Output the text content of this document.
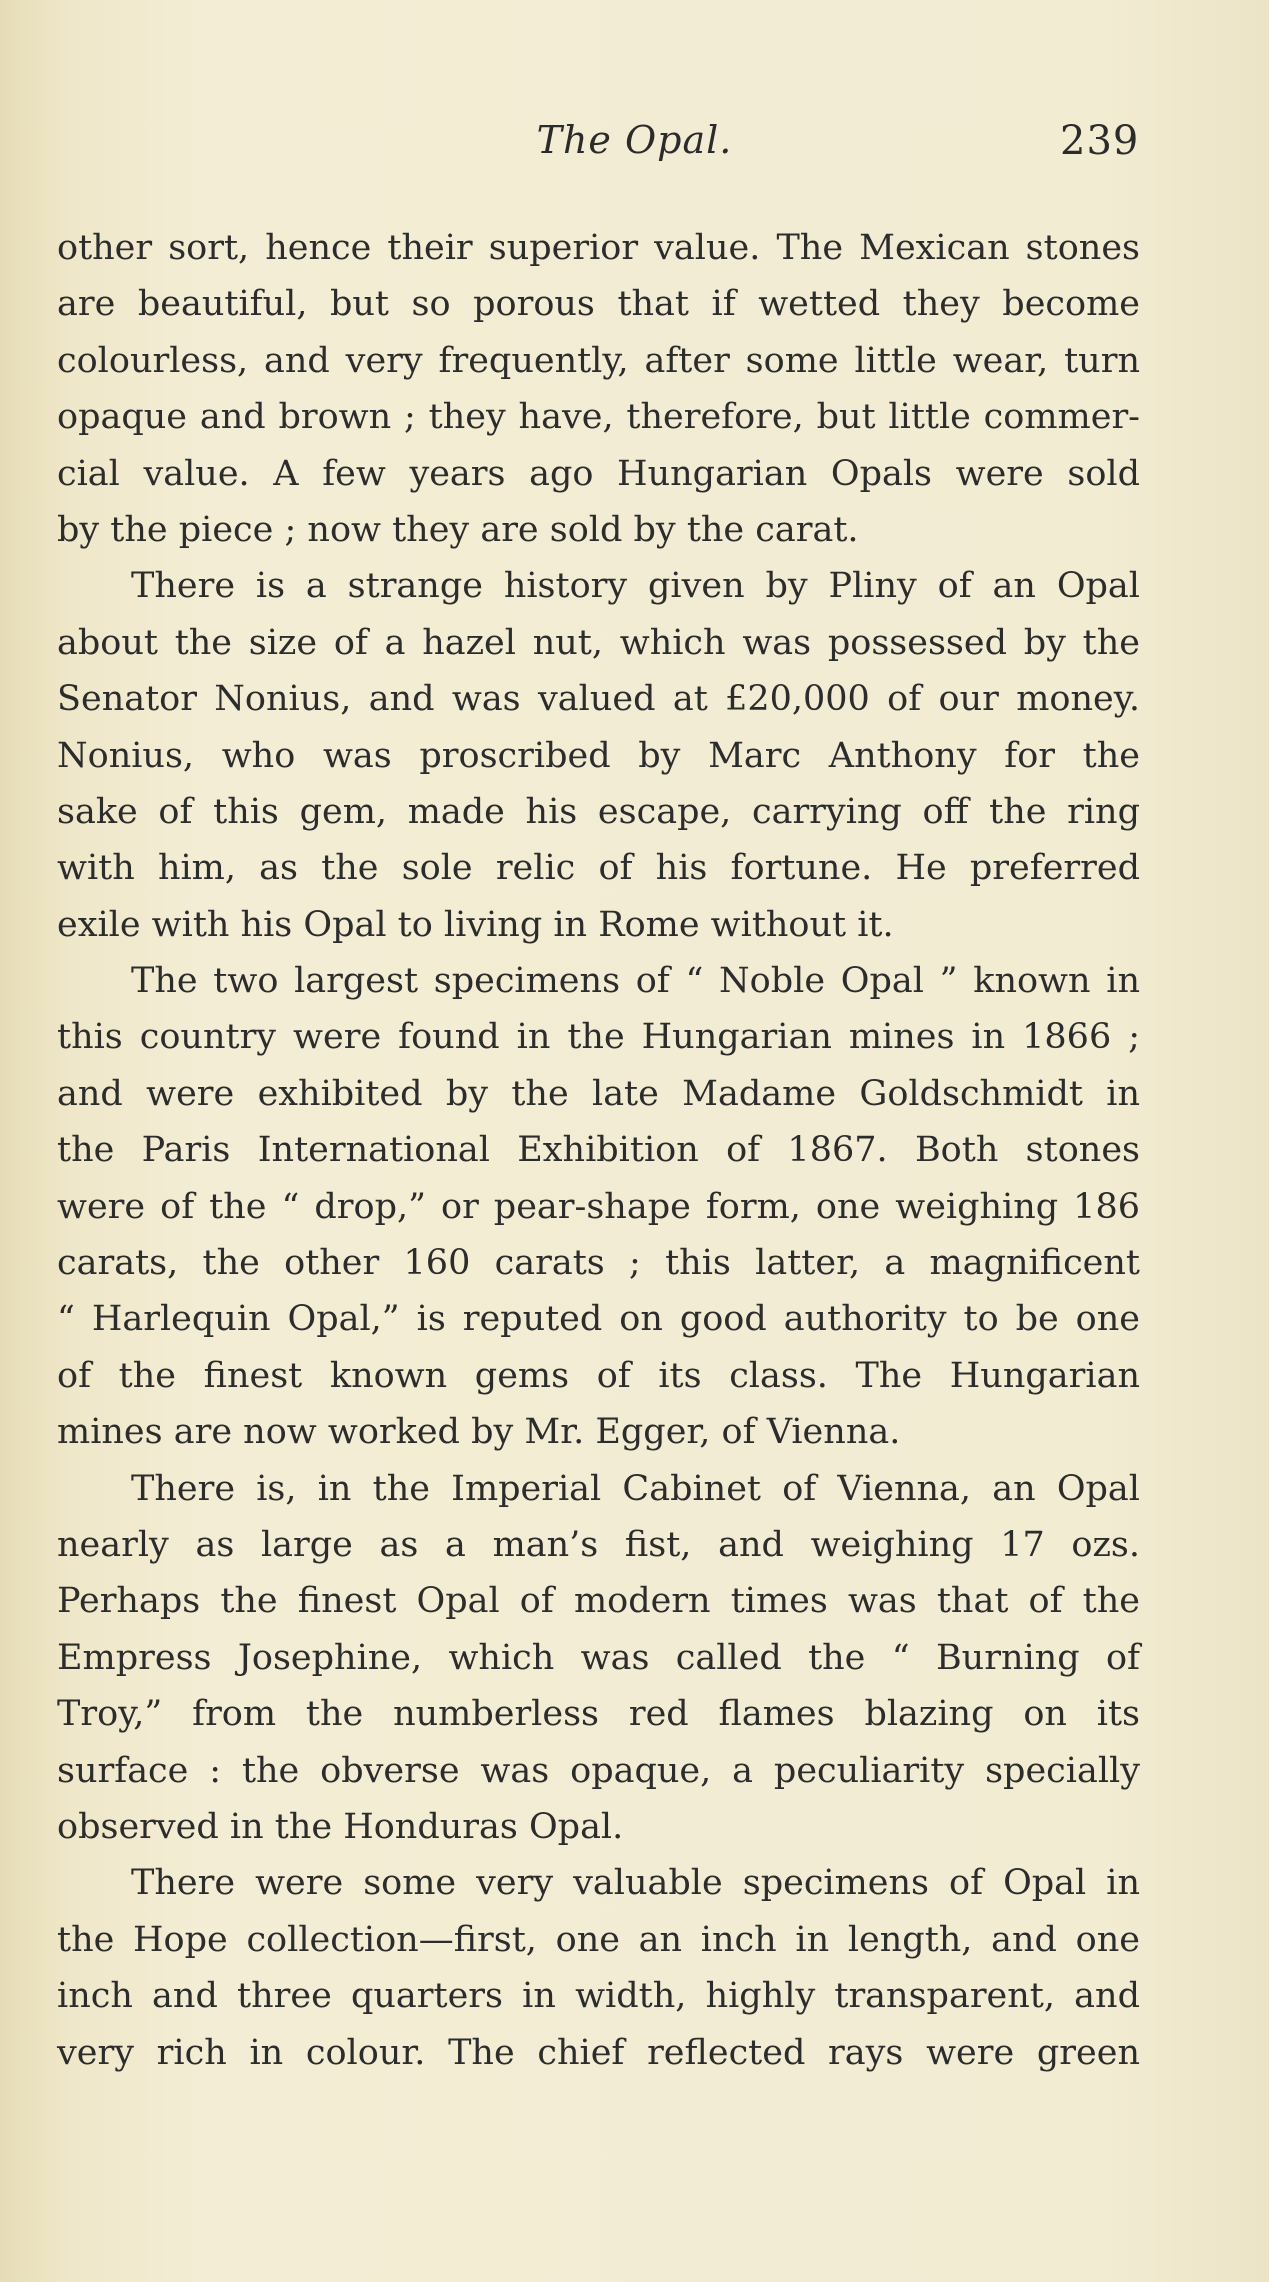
The Opal.	239
other sort, hence their superior value. The Mexican stones
are beautiful, but so porous that if wetted they become
colourless, and very frequently, after some little wear, turn
opaque and brown ; they have, therefore, but little commer-
cial value. A few years ago Hungarian Opals were sold
by the piece ; now they are sold by the carat.
There is a strange history given by Pliny of an Opal
about the size of a hazel nut, which was possessed by the
Senator Nonius, and was valued at £20,000 of our money.
Nonius, who was proscribed by Marc Anthony for the
sake of this gem, made his escape, carrying off the ring
with him, as the sole relic of his fortune. He preferred
exile with his Opal to living in Rome without it.
The two largest specimens of “ Noble Opal ” known in
this country were found in the Hungarian mines in 1866 ;
and were exhibited by the late Madame Goldschmidt in
the Paris International Exhibition of 1867. Both stones
were of the “ drop,” or pear-shape form, one weighing 186
carats, the other 160 carats ; this latter, a magnificent
“ Harlequin Opal,” is reputed on good authority to be one
of the finest known gems of its class. The Hungarian
mines are now worked by Mr. Egger, of Vienna.
There is, in the Imperial Cabinet of Vienna, an Opal
nearly as large as a man’s fist, and weighing 17 ozs.
Perhaps the finest Opal of modern times was that of the
Empress Josephine, which was called the “ Burning of
Troy,” from the numberless red flames blazing on its
surface : the obverse was opaque, a peculiarity specially
observed in the Honduras Opal.
There were some very valuable specimens of Opal in
the Hope collection—first, one an inch in length, and one
inch and three quarters in width, highly transparent, and
very rich in colour. The chief reflected rays were green
